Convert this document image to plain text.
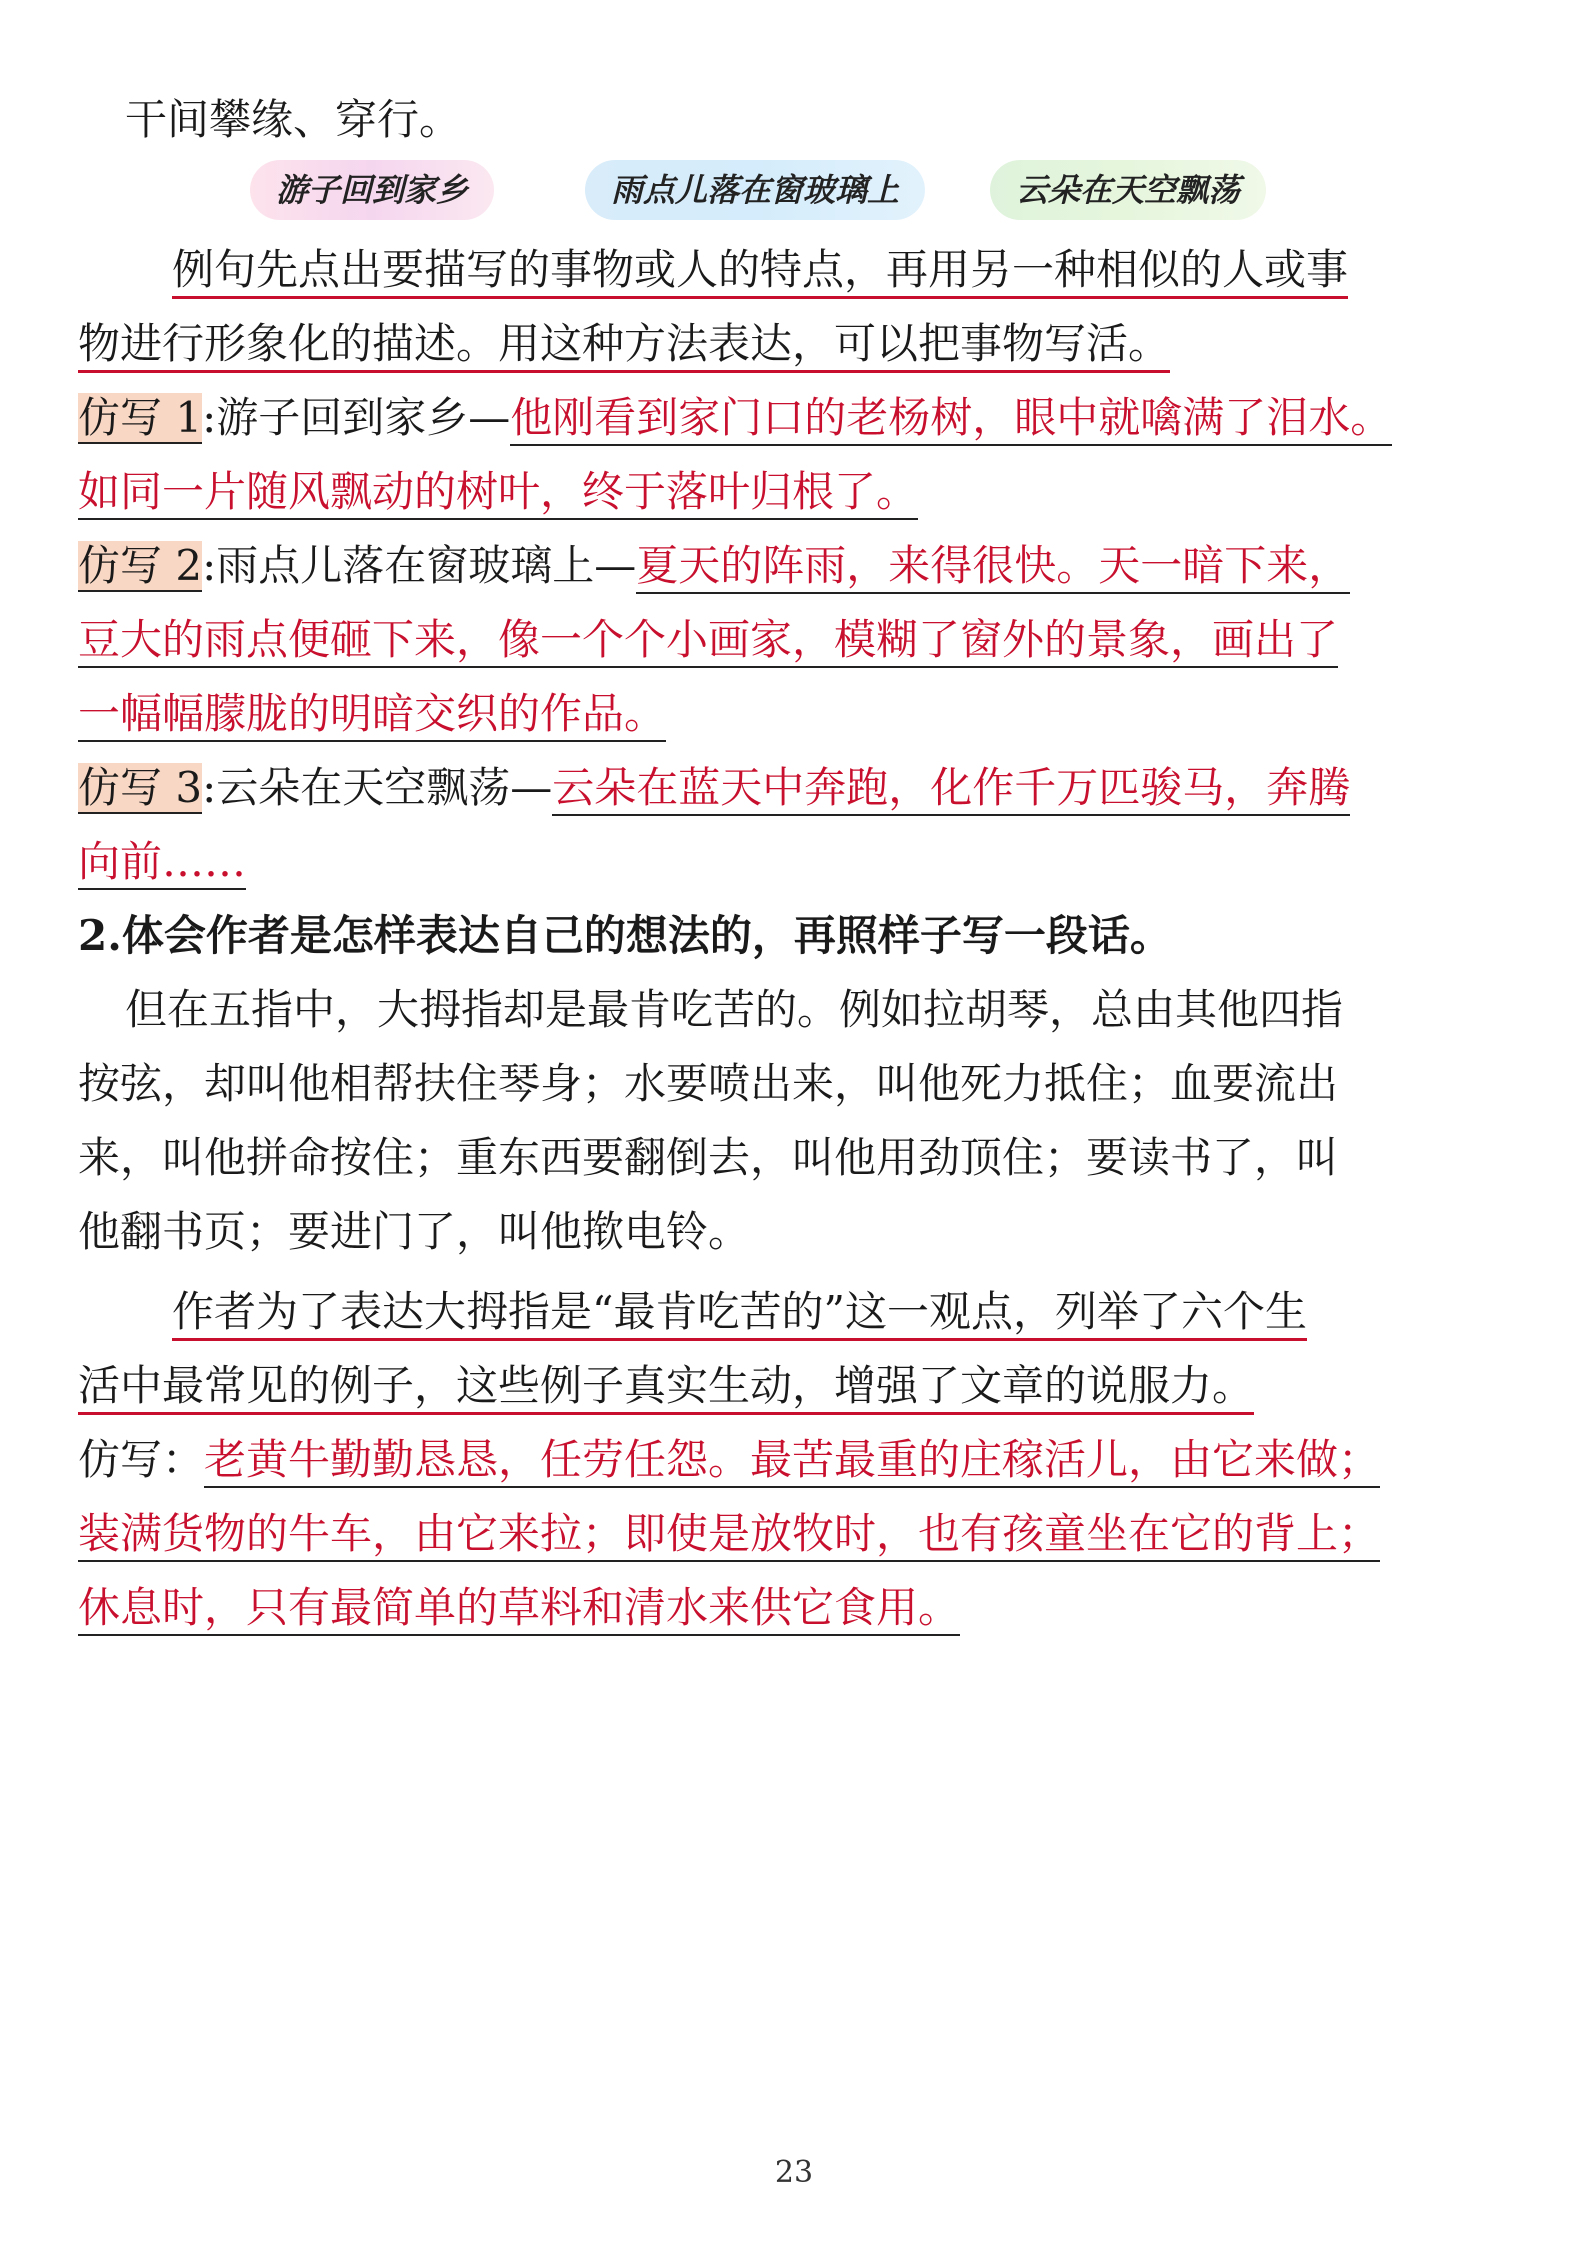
干间攀缘、穿行。
游子回到家乡	雨点儿落在窗玻璃上	云朵在天空飘荡
例句先点出要描写的事物或人的特点，再用另一种相似的人或事
物进行形象化的描述。用这种方法表达，可以把事物写活。
仿写 1:游子回到家乡—他刚看到家门口的老杨树，眼中就噙满了泪水。
如同一片随风飘动的树叶，终于落叶归根了。
仿写 2:雨点儿落在窗玻璃上—夏天的阵雨，来得很快。天一暗下来，
豆大的雨点便砸下来，像一个个小画家，模糊了窗外的景象，画出了
一幅幅朦胧的明暗交织的作品。
仿写 3:云朵在天空飘荡—云朵在蓝天中奔跑，化作千万匹骏马，奔腾
向前……
2.体会作者是怎样表达自己的想法的，再照样子写一段话。
但在五指中，大拇指却是最肯吃苦的。例如拉胡琴，总由其他四指
按弦，却叫他相帮扶住琴身；水要喷出来，叫他死力抵住；血要流出
来，叫他拼命按住；重东西要翻倒去，叫他用劲顶住；要读书了，叫
他翻书页；要进门了，叫他揿电铃。
作者为了表达大拇指是“最肯吃苦的”这一观点，列举了六个生
活中最常见的例子，这些例子真实生动，增强了文章的说服力。
仿写：老黄牛勤勤恳恳，任劳任怨。最苦最重的庄稼活儿，由它来做；
装满货物的牛车，由它来拉；即使是放牧时，也有孩童坐在它的背上；
休息时，只有最简单的草料和清水来供它食用。
23
